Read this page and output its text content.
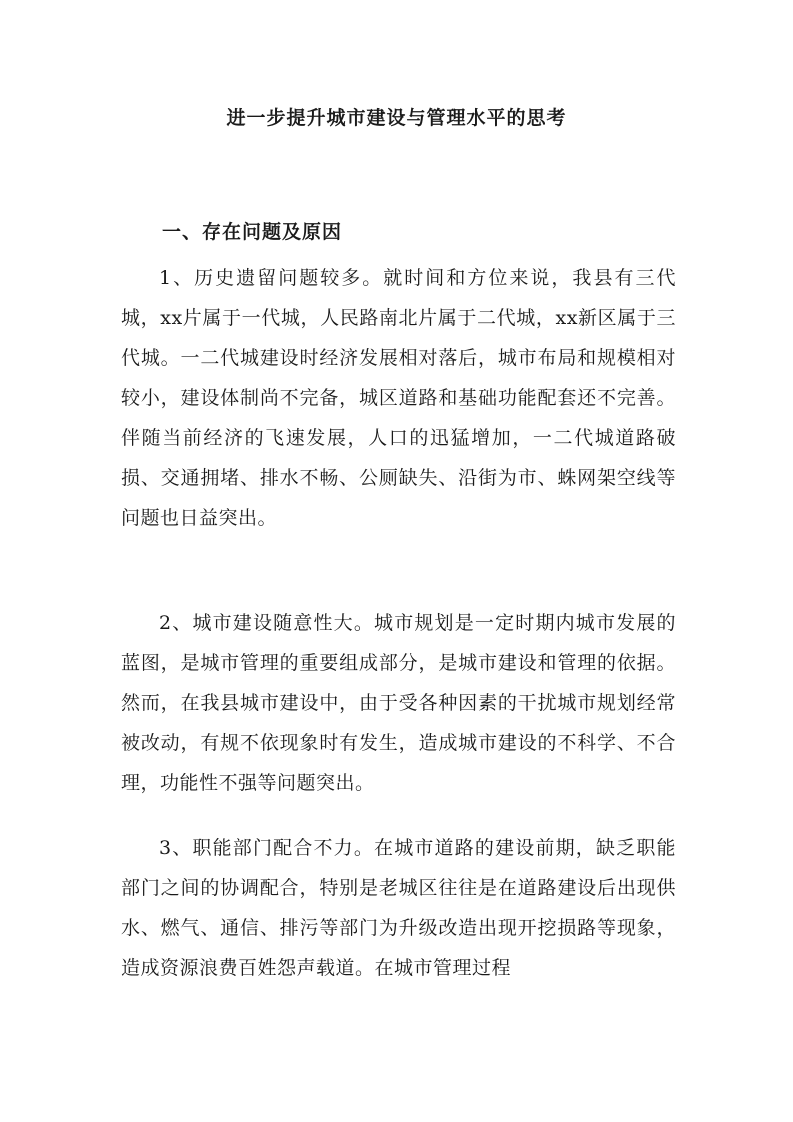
进一步提升城市建设与管理水平的思考
一、存在问题及原因

1、历史遗留问题较多。就时间和方位来说，我县有三代城，xx片属于一代城，人民路南北片属于二代城，xx新区属于三代城。一二代城建设时经济发展相对落后，城市布局和规模相对较小，建设体制尚不完备，城区道路和基础功能配套还不完善。伴随当前经济的飞速发展，人口的迅猛增加，一二代城道路破损、交通拥堵、排水不畅、公厕缺失、沿街为市、蛛网架空线等问题也日益突出。

2、城市建设随意性大。城市规划是一定时期内城市发展的蓝图，是城市管理的重要组成部分，是城市建设和管理的依据。然而，在我县城市建设中，由于受各种因素的干扰城市规划经常被改动，有规不依现象时有发生，造成城市建设的不科学、不合理，功能性不强等问题突出。

3、职能部门配合不力。在城市道路的建设前期，缺乏职能部门之间的协调配合，特别是老城区往往是在道路建设后出现供水、燃气、通信、排污等部门为升级改造出现开挖损路等现象，造成资源浪费百姓怨声载道。在城市管理过程
